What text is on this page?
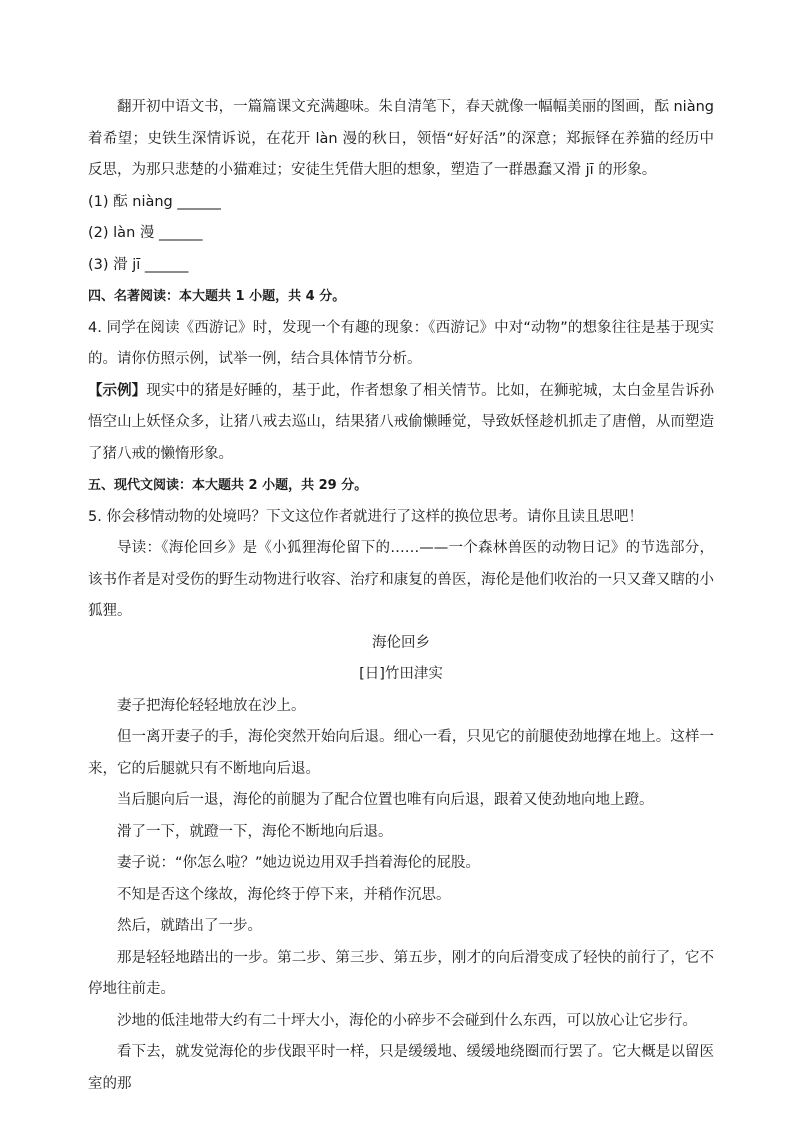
翻开初中语文书，一篇篇课文充满趣味。朱自清笔下，春天就像一幅幅美丽的图画，酝 niàng 着希望；史铁生深情诉说，在花开 làn 漫的秋日，领悟“好好活”的深意；郑振铎在养猫的经历中反思，为那只悲楚的小猫难过；安徒生凭借大胆的想象，塑造了一群愚蠢又滑 jī 的形象。

(1) 酝 niàng ______

(2) làn 漫 ______

(3) 滑 jī ______

四、名著阅读：本大题共 1 小题，共 4 分。

4. 同学在阅读《西游记》时，发现一个有趣的现象：《西游记》中对“动物”的想象往往是基于现实的。请你仿照示例，试举一例，结合具体情节分析。

【示例】现实中的猪是好睡的，基于此，作者想象了相关情节。比如，在狮驼城，太白金星告诉孙悟空山上妖怪众多，让猪八戒去巡山，结果猪八戒偷懒睡觉，导致妖怪趁机抓走了唐僧，从而塑造了猪八戒的懒惰形象。

五、现代文阅读：本大题共 2 小题，共 29 分。

5. 你会移情动物的处境吗？下文这位作者就进行了这样的换位思考。请你且读且思吧！

导读：《海伦回乡》是《小狐狸海伦留下的……——一个森林兽医的动物日记》的节选部分，该书作者是对受伤的野生动物进行收容、治疗和康复的兽医，海伦是他们收治的一只又聋又瞎的小狐狸。

海伦回乡

[日]竹田津实

妻子把海伦轻轻地放在沙上。

但一离开妻子的手，海伦突然开始向后退。细心一看，只见它的前腿使劲地撑在地上。这样一来，它的后腿就只有不断地向后退。

当后腿向后一退，海伦的前腿为了配合位置也唯有向后退，跟着又使劲地向地上蹬。

滑了一下，就蹬一下，海伦不断地向后退。

妻子说：“你怎么啦？”她边说边用双手挡着海伦的屁股。

不知是否这个缘故，海伦终于停下来，并稍作沉思。

然后，就踏出了一步。

那是轻轻地踏出的一步。第二步、第三步、第五步，刚才的向后滑变成了轻快的前行了，它不停地往前走。

沙地的低洼地带大约有二十坪大小，海伦的小碎步不会碰到什么东西，可以放心让它步行。

看下去，就发觉海伦的步伐跟平时一样，只是缓缓地、缓缓地绕圈而行罢了。它大概是以留医室的那
